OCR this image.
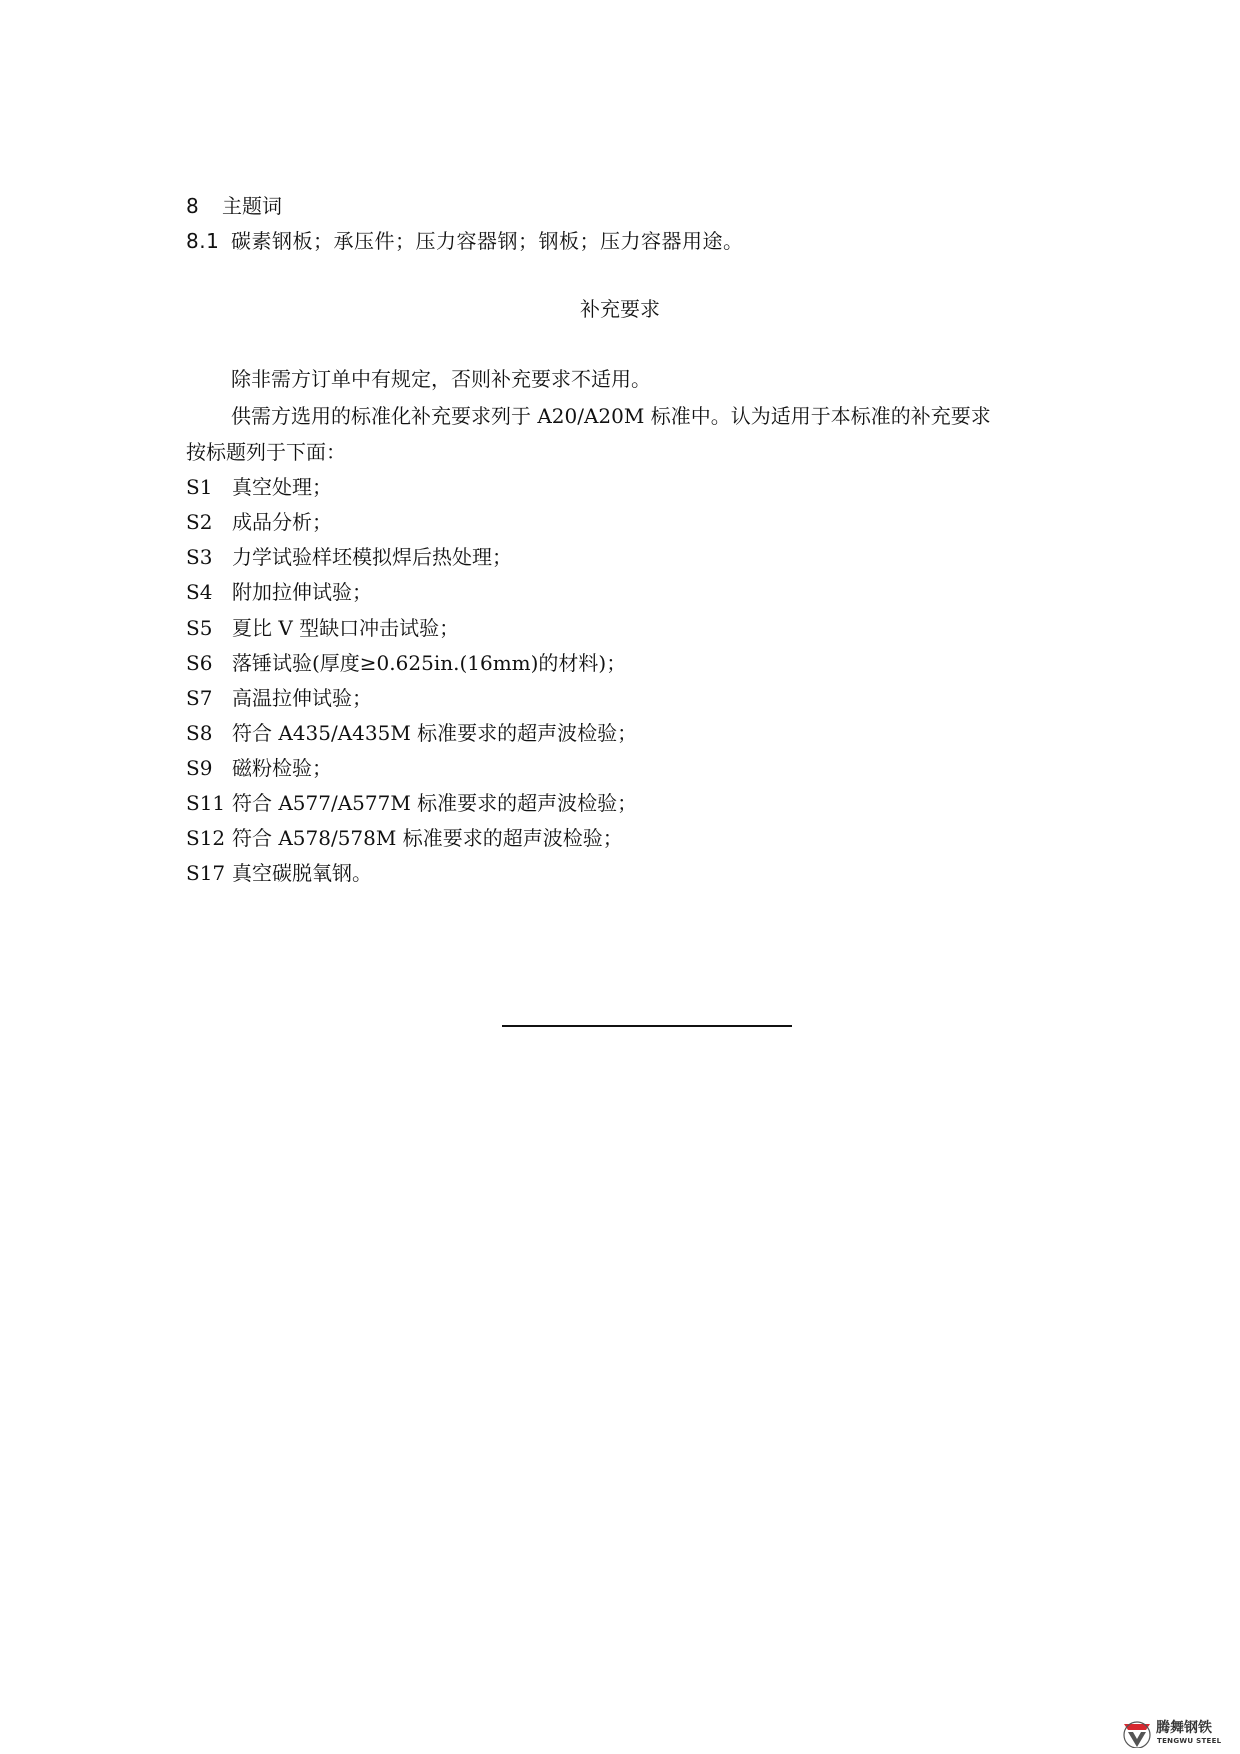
8 主题词
8.1 碳素钢板；承压件；压力容器钢；钢板；压力容器用途。
补充要求
除非需方订单中有规定，否则补充要求不适用。
供需方选用的标准化补充要求列于 A20/A20M 标准中。认为适用于本标准的补充要求
按标题列于下面：
S1 真空处理；
S2 成品分析；
S3 力学试验样坯模拟焊后热处理；
S4 附加拉伸试验；
S5 夏比 V 型缺口冲击试验；
S6 落锤试验(厚度≥0.625in.(16mm)的材料)；
S7 高温拉伸试验；
S8 符合 A435/A435M 标准要求的超声波检验；
S9 磁粉检验；
S11 符合 A577/A577M 标准要求的超声波检验；
S12 符合 A578/578M 标准要求的超声波检验；
S17 真空碳脱氧钢。
腾舞钢铁
TENGWU STEEL
